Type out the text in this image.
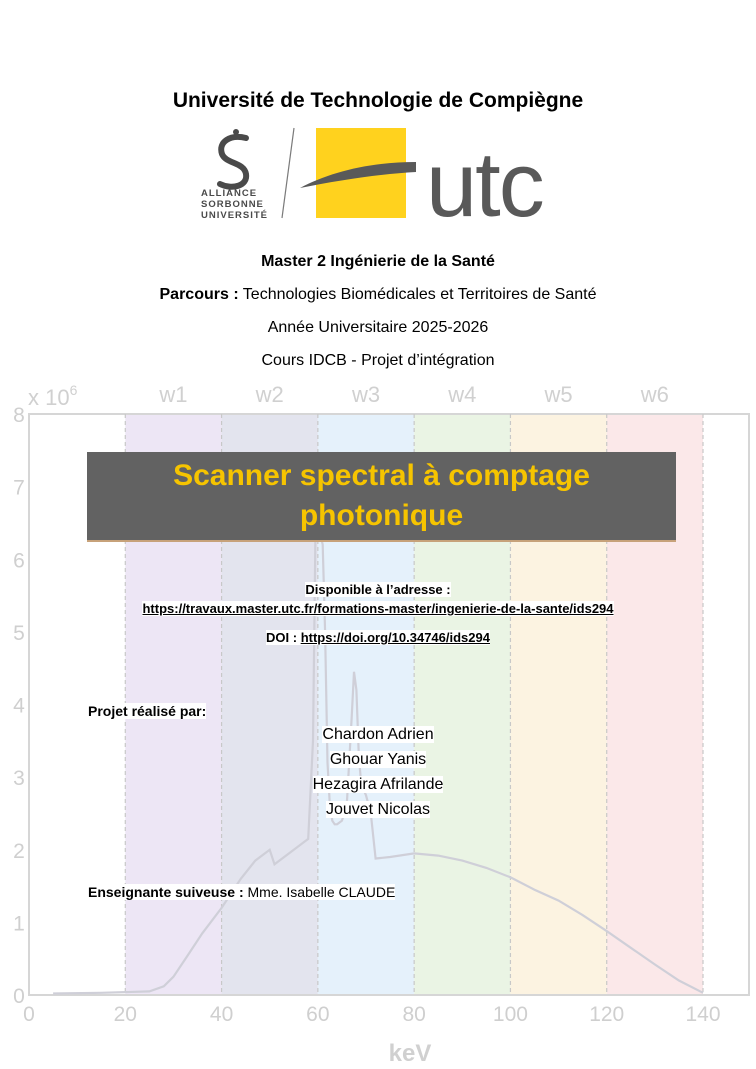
w1	w2	w3	w4	w5	w6
0	20	40	60	80	100	120	140
0
1
2
3
4
5
6
7
8
x $10^6$
keV
Université de Technologie de Compiègne
ALLIANCE
SORBONNE
UNIVERSITÉ utc
Master 2 Ingénierie de la Santé
Parcours : Technologies Biomédicales et Territoires de Santé
Année Universitaire 2025-2026
Cours IDCB - Projet d’intégration
Scanner spectral à comptage
photonique
Disponible à l’adresse :
https://travaux.master.utc.fr/formations-master/ingenierie-de-la-sante/ids294
DOI : https://doi.org/10.34746/ids294
Projet réalisé par:
Chardon Adrien
Ghouar Yanis
Hezagira Afrilande
Jouvet Nicolas
Enseignante suiveuse : Mme. Isabelle CLAUDE
